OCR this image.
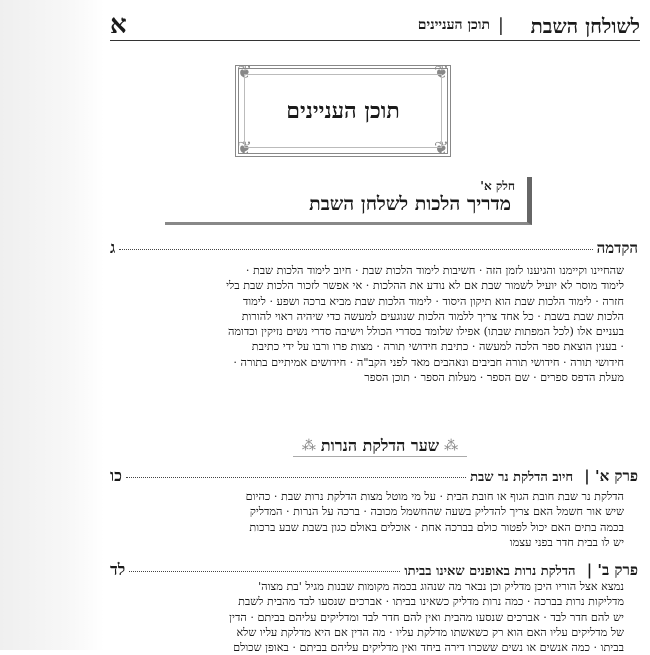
לשולחן השבת
|
תוכן העניינים
א
❦	❦
❦	❦
תוכן העניינים
חלק א'
מדריך הלכות לשלחן השבת
הקדמה
ג
שהחיינו וקיימנו והגיענו לזמן הזה · חשיבות לימוד הלכות שבת · חיוב לימוד הלכות שבת ·
לימוד מוסר לא יועיל לשמור שבת אם לא נודע את ההלכות · אי אפשר לזכור הלכות שבת בלי
חזרה · לימוד הלכות שבת הוא תיקון היסוד · לימוד הלכות שבת מביא ברכה ושפע · לימוד
הלכות שבת בשבת · כל אחד צריך ללמוד הלכות שנוגעים למעשה כדי שיהיה ראוי להורות
בעניים אלו (לכל המפתות שבתו) אפילו שלומד בסדרי הכולל וישיבה סדרי נשים נזיקין וכדומה
· בענין הוצאת ספר הלכה למעשה · כתיבת חידושי תורה · מצות פרו ורבו על ידי כתיבת
חידושי תורה · חידושי תורה חביבים ונאהבים מאד לפני הקב"ה · חידושים אמיתיים בתורה ·
מעלת הדפס ספרים · שם הספר · מעלות הספר · תוכן הספר
⁂
שער הדלקת הנרות
⁂
פרק א'
|
חיוב הדלקת נר שבת
כו
הדלקת נר שבת חובת הגוף או חובת הבית · על מי מוטל מצות הדלקת נרות שבת · כהיום
שיש אור חשמל האם צריך להדליק בשעה שהחשמל מכובה · ברכה על הנרות · המדליק
בכמה בתים האם יכול לפטור כולם בברכה אחת · אוכלים באולם כגון בשבת שבע ברכות
יש לו בבית חדר בפני עצמו
פרק ב'
|
הדלקת נרות באופנים שאינו בביתו
לד
נמצא אצל הוריו היכן מדליק וכן נבאר מה שנהוג בכמה מקומות שבנות מגיל 'בת מצוה'
מדליקות נרות בברכה · כמה נרות מדליק כשאינו בביתו · אברכים שנסעו לבד מהבית לשבת
יש להם חדר לבד · אברכים שנסעו מהבית ואין להם חדר לבד ומדליקים עליהם בביתם · הדין
של מדליקים עליו האם הוא רק כשאשתו מדלקת עליו · מה הדין אם היא מדלקת עליו שלא
בביתו · כמה אנשים או נשים ששכרו דירה ביחד ואין מדליקים עליהם בביתם · באופן שכולם
